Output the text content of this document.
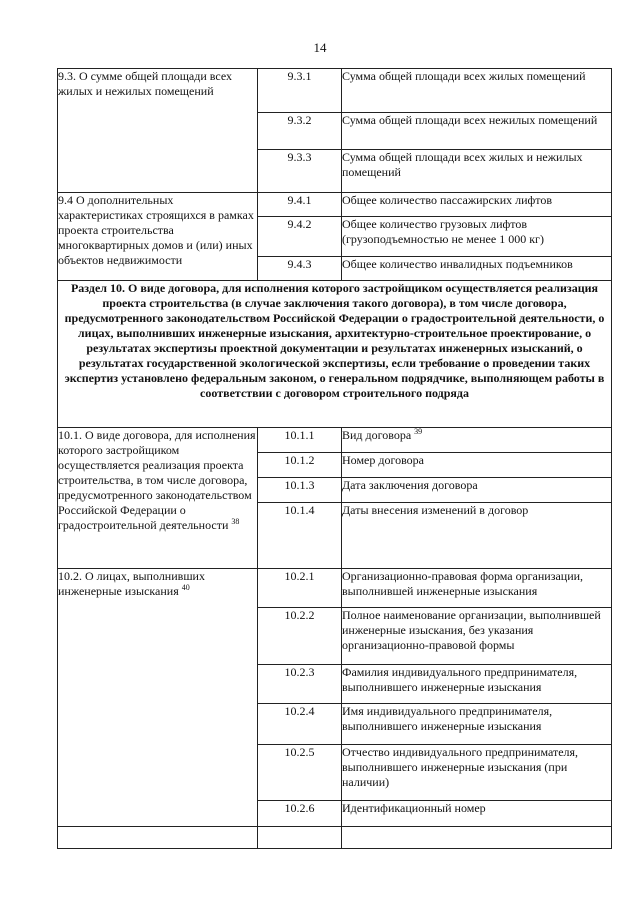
14
9.3. О сумме общей площади всех жилых и нежилых помещений	9.3.1	Сумма общей площади всех жилых помещений
	9.3.2	Сумма общей площади всех нежилых помещений
	9.3.3	Сумма общей площади всех жилых и нежилых помещений
9.4 О дополнительных характеристиках строящихся в рамках проекта строительства многоквартирных домов и (или) иных объектов недвижимости	9.4.1	Общее количество пассажирских лифтов
	9.4.2	Общее количество грузовых лифтов (грузоподъемностью не менее 1 000 кг)
	9.4.3	Общее количество инвалидных подъемников
Раздел 10. О виде договора, для исполнения которого застройщиком осуществляется реализация проекта строительства (в случае заключения такого договора), в том числе договора, предусмотренного законодательством Российской Федерации о градостроительной деятельности, о лицах, выполнивших инженерные изыскания, архитектурно-строительное проектирование, о результатах экспертизы проектной документации и результатах инженерных изысканий, о результатах государственной экологической экспертизы, если требование о проведении таких экспертиз установлено федеральным законом, о генеральном подрядчике, выполняющем работы в соответствии с договором строительного подряда		
10.1. О виде договора, для исполнения которого застройщиком осуществляется реализация проекта строительства, в том числе договора, предусмотренного законодательством Российской Федерации о градостроительной деятельности $^{38}$	10.1.1	Вид договора $^{39}$
	10.1.2	Номер договора
	10.1.3	Дата заключения договора
	10.1.4	Даты внесения изменений в договор
10.2. О лицах, выполнивших инженерные изыскания $^{40}$	10.2.1	Организационно-правовая форма организации, выполнившей инженерные изыскания
	10.2.2	Полное наименование организации, выполнившей инженерные изыскания, без указания организационно-правовой формы
	10.2.3	Фамилия индивидуального предпринимателя, выполнившего инженерные изыскания
	10.2.4	Имя индивидуального предпринимателя, выполнившего инженерные изыскания
	10.2.5	Отчество индивидуального предпринимателя, выполнившего инженерные изыскания (при наличии)
	10.2.6	Идентификационный номер
